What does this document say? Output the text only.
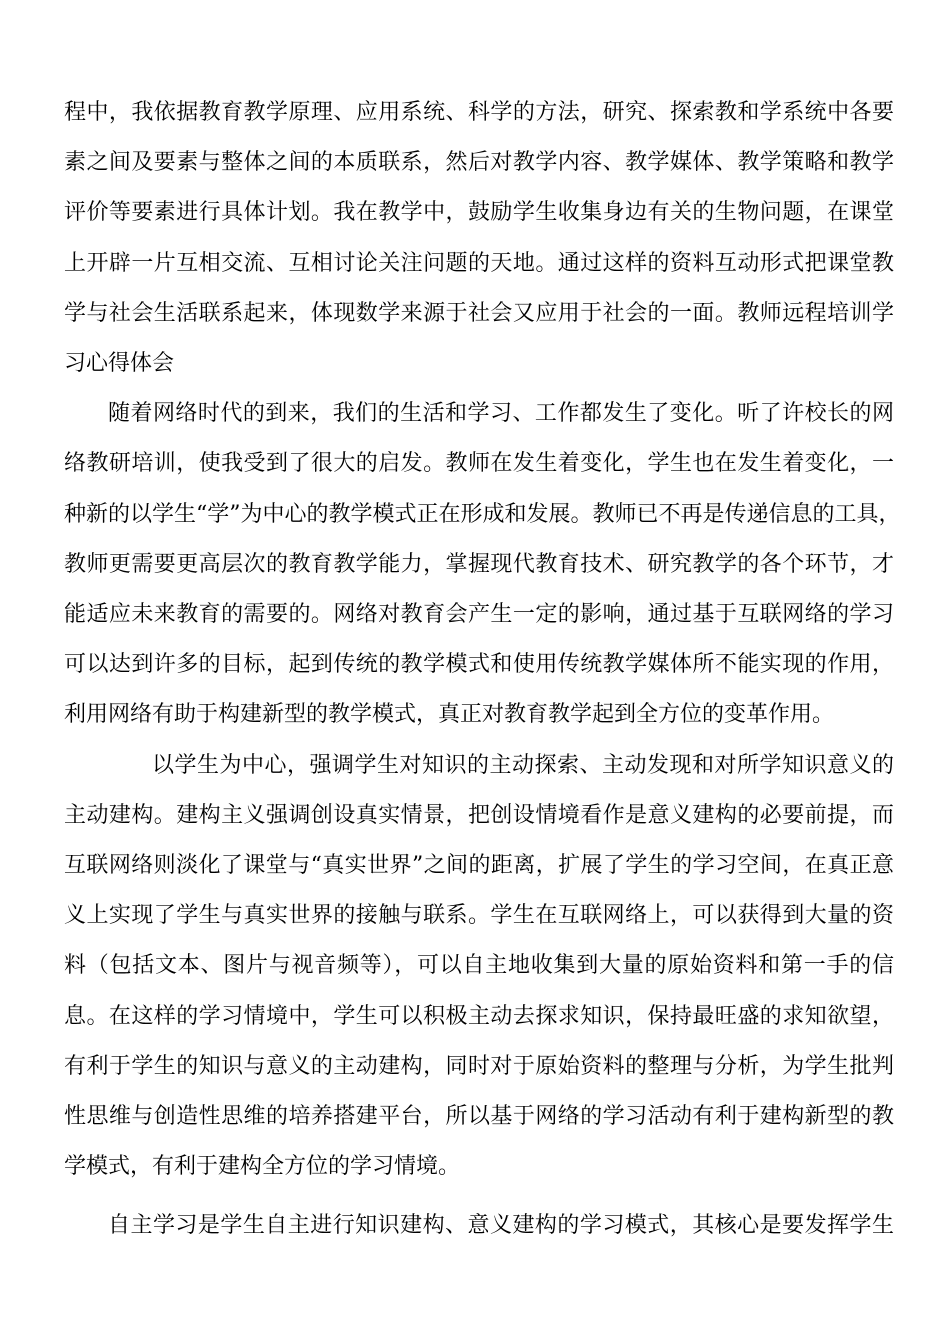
程中，我依据教育教学原理、应用系统、科学的方法，研究、探索教和学系统中各要

素之间及要素与整体之间的本质联系，然后对教学内容、教学媒体、教学策略和教学

评价等要素进行具体计划。我在教学中，鼓励学生收集身边有关的生物问题，在课堂

上开辟一片互相交流、互相讨论关注问题的天地。通过这样的资料互动形式把课堂教

学与社会生活联系起来，体现数学来源于社会又应用于社会的一面。教师远程培训学

习心得体会

随着网络时代的到来，我们的生活和学习、工作都发生了变化。听了许校长的网

络教研培训，使我受到了很大的启发。教师在发生着变化，学生也在发生着变化，一

种新的以学生“学”为中心的教学模式正在形成和发展。教师已不再是传递信息的工具，

教师更需要更高层次的教育教学能力，掌握现代教育技术、研究教学的各个环节，才

能适应未来教育的需要的。网络对教育会产生一定的影响，通过基于互联网络的学习

可以达到许多的目标，起到传统的教学模式和使用传统教学媒体所不能实现的作用，

利用网络有助于构建新型的教学模式，真正对教育教学起到全方位的变革作用。

以学生为中心，强调学生对知识的主动探索、主动发现和对所学知识意义的

主动建构。建构主义强调创设真实情景，把创设情境看作是意义建构的必要前提，而

互联网络则淡化了课堂与“真实世界”之间的距离，扩展了学生的学习空间，在真正意

义上实现了学生与真实世界的接触与联系。学生在互联网络上，可以获得到大量的资

料（包括文本、图片与视音频等），可以自主地收集到大量的原始资料和第一手的信

息。在这样的学习情境中，学生可以积极主动去探求知识，保持最旺盛的求知欲望，

有利于学生的知识与意义的主动建构，同时对于原始资料的整理与分析，为学生批判

性思维与创造性思维的培养搭建平台，所以基于网络的学习活动有利于建构新型的教

学模式，有利于建构全方位的学习情境。

自主学习是学生自主进行知识建构、意义建构的学习模式，其核心是要发挥学生
